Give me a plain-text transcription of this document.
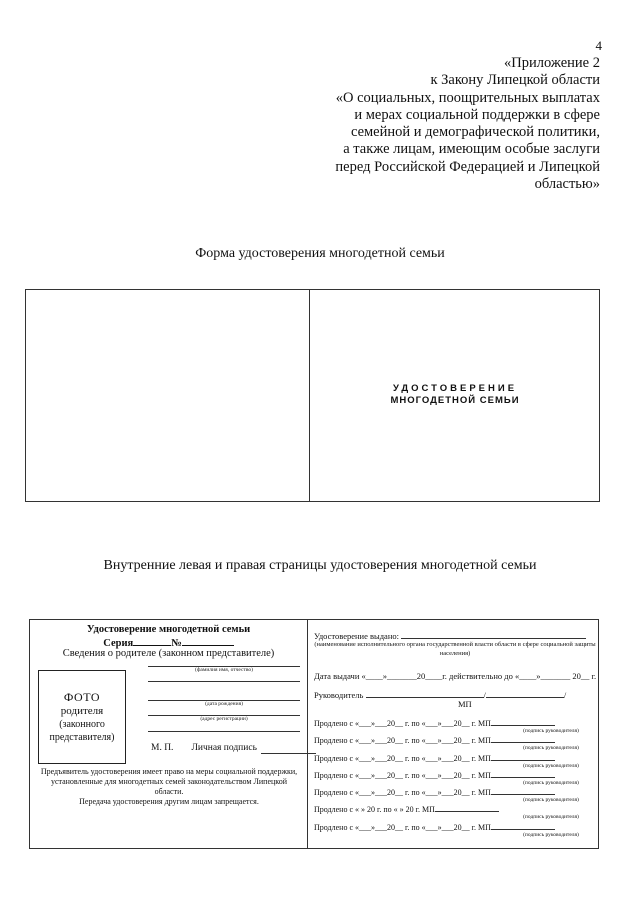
4
«Приложение 2
к Закону Липецкой области
«О социальных, поощрительных выплатах
и мерах социальной поддержки в сфере
семейной и демографической политики,
а также лицам, имеющим особые заслуги
перед Российской Федерацией и Липецкой
областью»
Форма удостоверения многодетной семьи
УДОСТОВЕРЕНИЕ
МНОГОДЕТНОЙ СЕМЬИ
Внутренние левая и правая страницы удостоверения многодетной семьи
Удостоверение многодетной семьи
Серия	№
Сведения о родителе (законном представителе)
ФОТО
родителя
(законного
представителя)
(фамилия имя, отчество)
(дата рождения)
(адрес регистрации)
М. П. Личная подпись
Предъявитель удостоверения имеет право на меры социальной поддержки, установленные для многодетных семей законодательством Липецкой области.
Передача удостоверения другим лицам запрещается.
Удостоверение выдано:
(наименование исполнительного органа государственной власти области в сфере социальной защиты населения)
Дата выдачи «____»_______20____г. действительно до «____»_______ 20__ г.
Руководитель	/	/
МП
Продлено с «___»___20__ г. по «___»___20__ г. МП
(подпись руководителя)
Продлено с «___»___20__ г. по «___»___20__ г. МП
(подпись руководителя)
Продлено с «___»___20__ г. по «___»___20__ г. МП
(подпись руководителя)
Продлено с «___»___20__ г. по «___»___20__ г. МП
(подпись руководителя)
Продлено с «___»___20__ г. по «___»___20__ г. МП
(подпись руководителя)
Продлено с « » 20 г. по « » 20 г. МП
(подпись руководителя)
Продлено с «___»___20__ г. по «___»___20__ г. МП
(подпись руководителя)
